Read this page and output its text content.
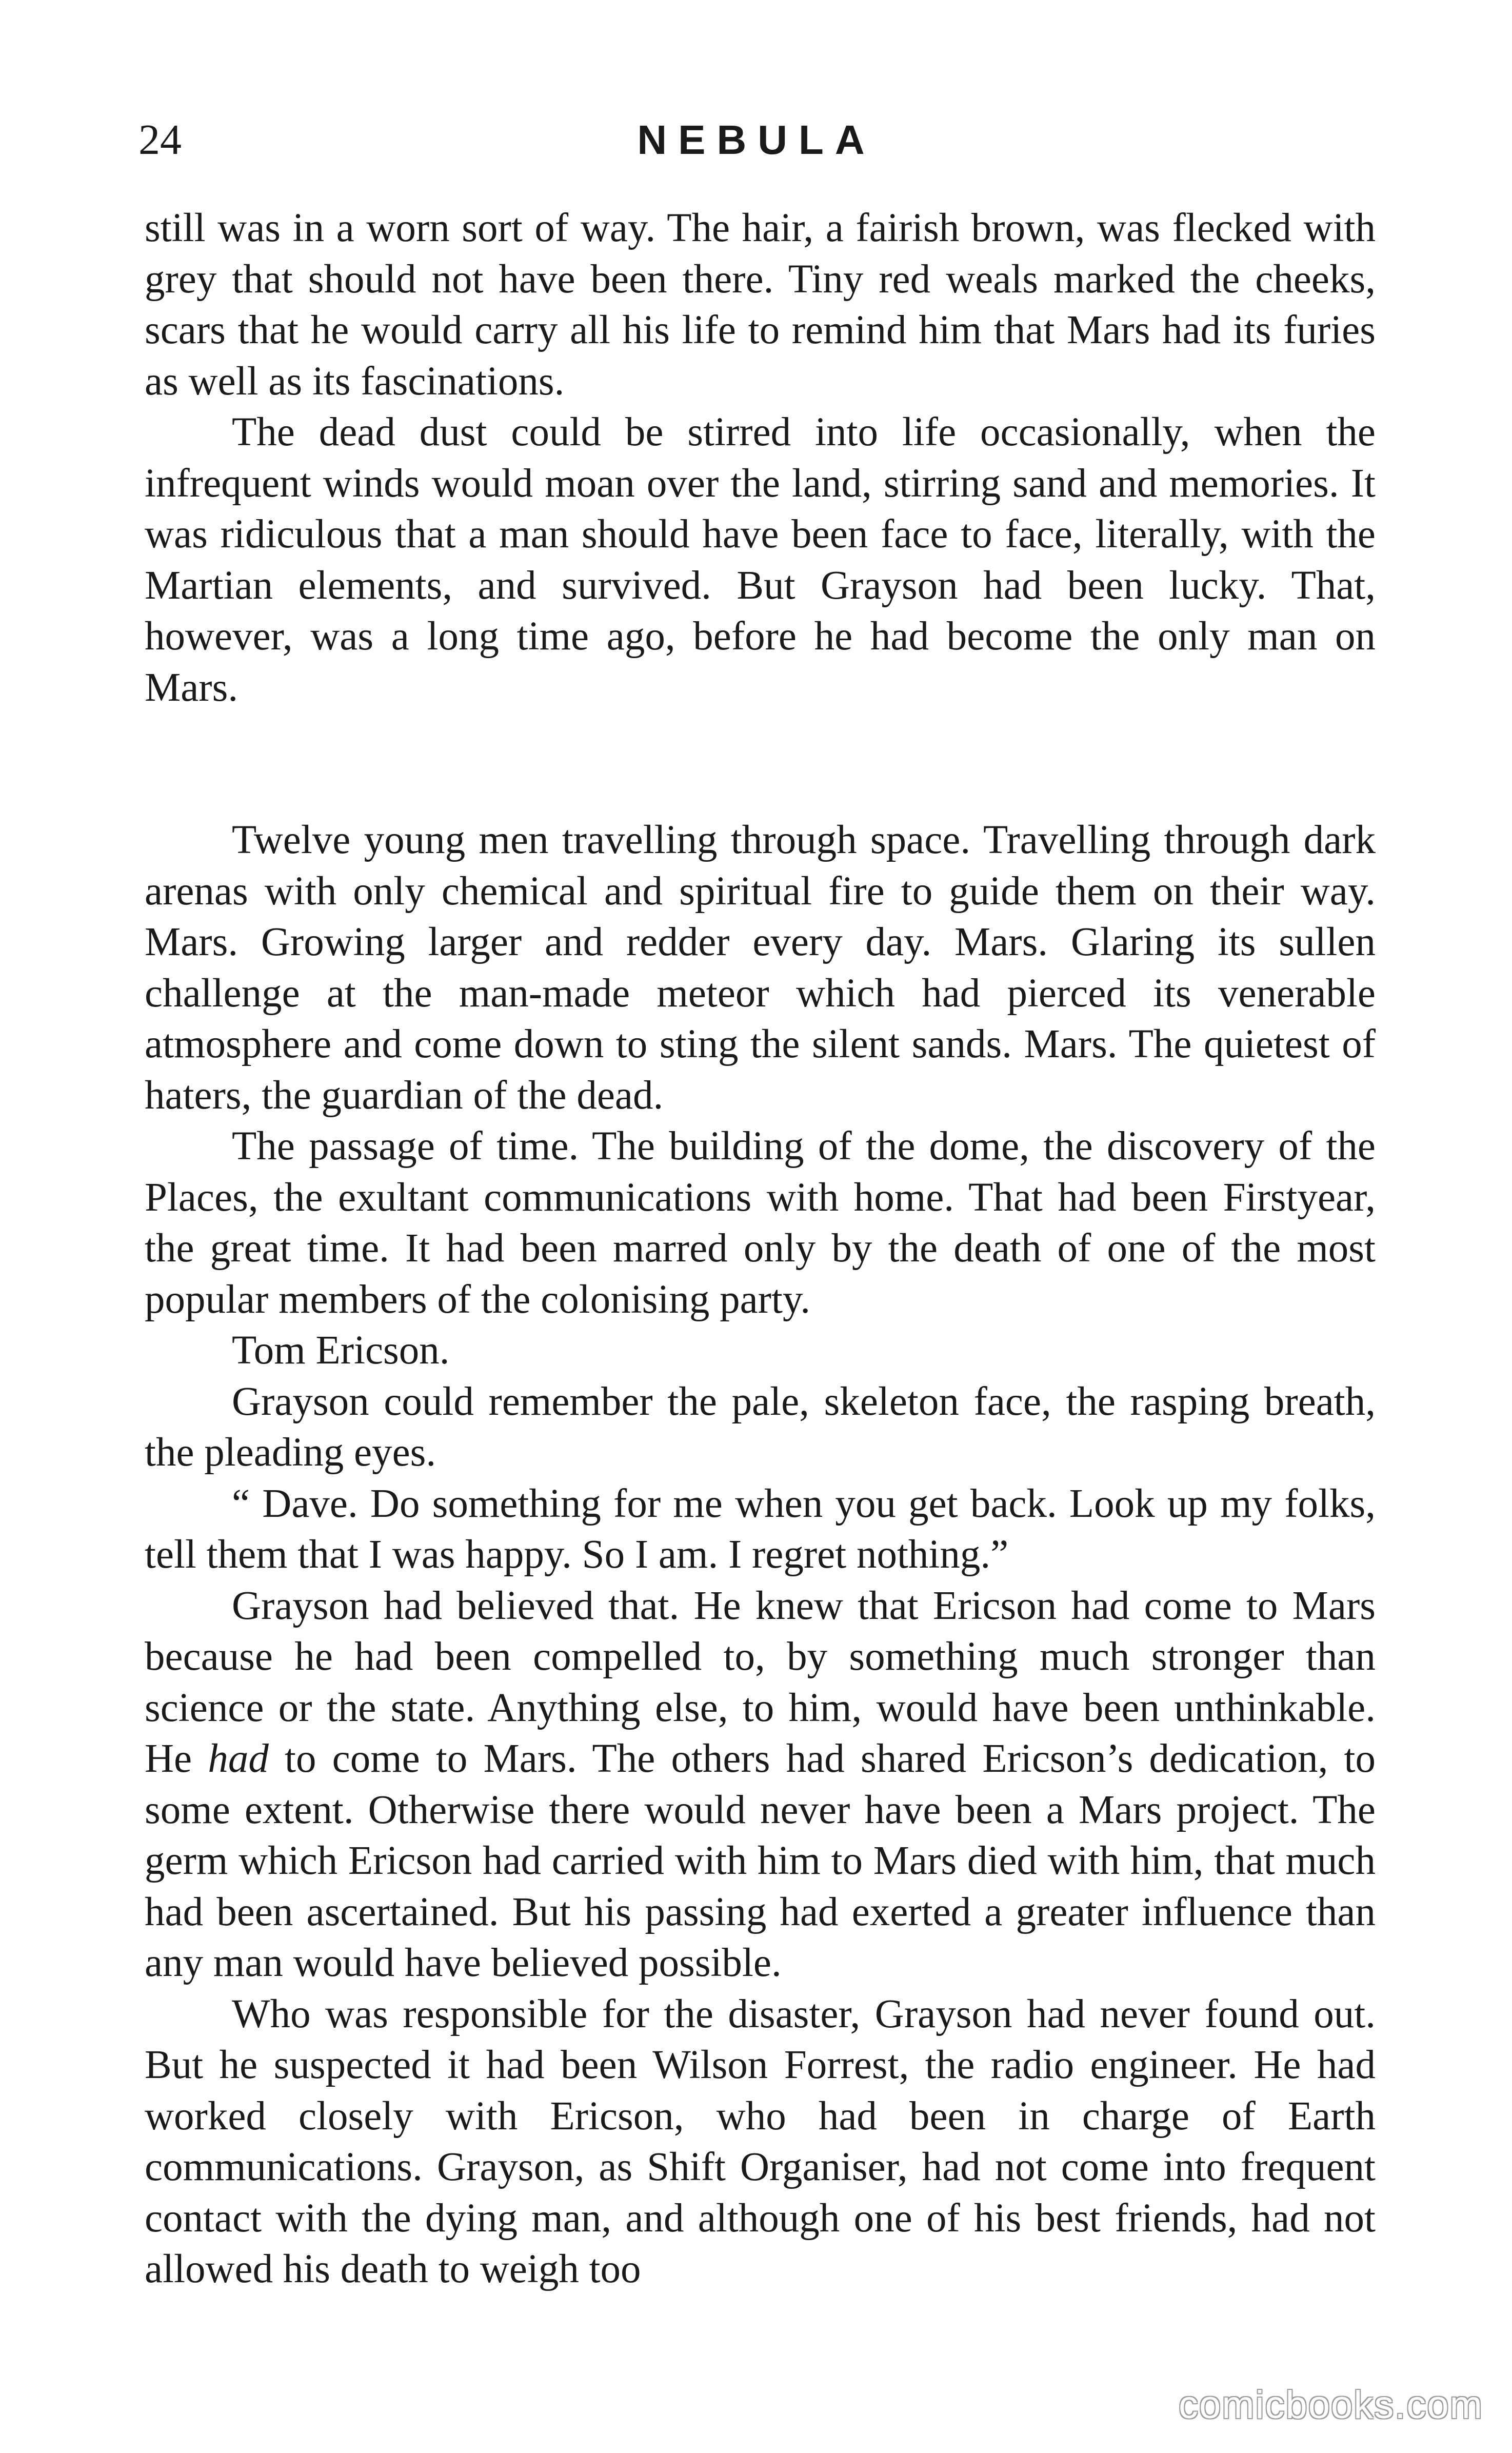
24	NEBULA

still was in a worn sort of way. The hair, a fairish brown, was flecked with grey that should not have been there. Tiny red weals marked the cheeks, scars that he would carry all his life to remind him that Mars had its furies as well as its fascinations.

The dead dust could be stirred into life occasionally, when the infrequent winds would moan over the land, stirring sand and memories. It was ridiculous that a man should have been face to face, literally, with the Martian elements, and survived. But Grayson had been lucky. That, however, was a long time ago, before he had become the only man on Mars.

Twelve young men travelling through space. Travelling through dark arenas with only chemical and spiritual fire to guide them on their way. Mars. Growing larger and redder every day. Mars. Glaring its sullen challenge at the man-made meteor which had pierced its venerable atmosphere and come down to sting the silent sands. Mars. The quietest of haters, the guardian of the dead.

The passage of time. The building of the dome, the discovery of the Places, the exultant communications with home. That had been Firstyear, the great time. It had been marred only by the death of one of the most popular members of the colonising party.

Tom Ericson.

Grayson could remember the pale, skeleton face, the rasping breath, the pleading eyes.

“ Dave. Do something for me when you get back. Look up my folks, tell them that I was happy. So I am. I regret nothing.”

Grayson had believed that. He knew that Ericson had come to Mars because he had been compelled to, by something much stronger than science or the state. Anything else, to him, would have been unthinkable. He had to come to Mars. The others had shared Ericson’s dedication, to some extent. Otherwise there would never have been a Mars project. The germ which Ericson had carried with him to Mars died with him, that much had been ascertained. But his passing had exerted a greater influence than any man would have believed possible.

Who was responsible for the disaster, Grayson had never found out. But he suspected it had been Wilson Forrest, the radio engineer. He had worked closely with Ericson, who had been in charge of Earth communications. Grayson, as Shift Organiser, had not come into frequent contact with the dying man, and although one of his best friends, had not allowed his death to weigh too

comicbooks.com
